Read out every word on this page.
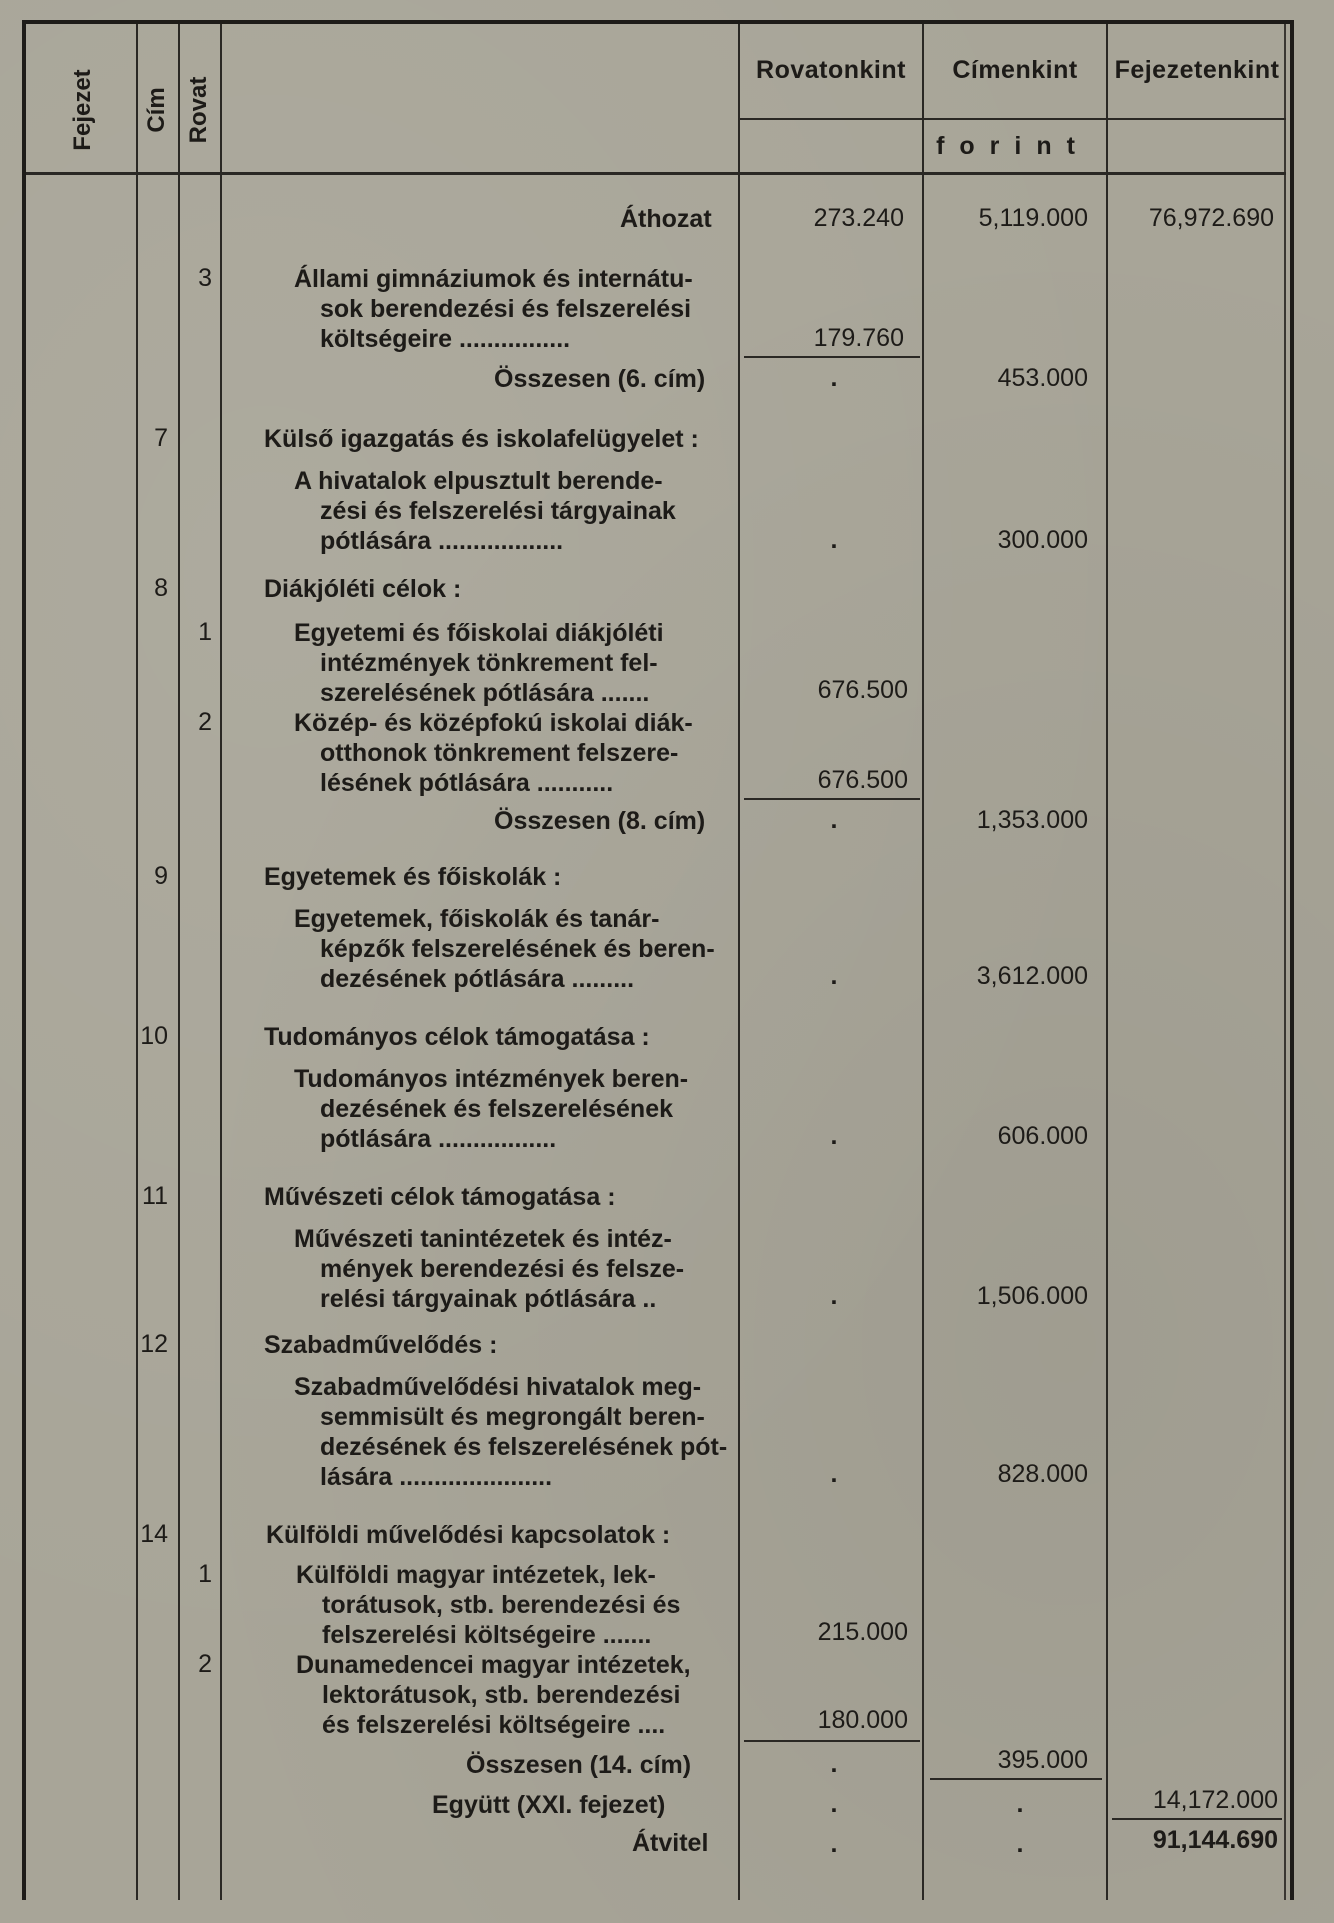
Fejezet Cím Rovat
Rovatonkint	Címenkint	Fejezetenkint
forint
Áthozat	273.240	5,119.000	76,972.690
3	Állami gimnáziumok és internátu-
sok berendezési és felszerelési
költségeire ................	179.760
Összesen (6. cím)	.	453.000
7	Külső igazgatás és iskolafelügyelet :
A hivatalok elpusztult berende-
zési és felszerelési tárgyainak
pótlására ..................	.	300.000
8	Diákjóléti célok :
1	Egyetemi és főiskolai diákjóléti
intézmények tönkrement fel-
szerelésének pótlására .......	676.500
2	Közép- és középfokú iskolai diák-
otthonok tönkrement felszere-
lésének pótlására ...........	676.500
Összesen (8. cím)	.	1,353.000
9	Egyetemek és főiskolák :
Egyetemek, főiskolák és tanár-
képzők felszerelésének és beren-
dezésének pótlására .........	.	3,612.000
10	Tudományos célok támogatása :
Tudományos intézmények beren-
dezésének és felszerelésének
pótlására .................	.	606.000
11	Művészeti célok támogatása :
Művészeti tanintézetek és intéz-
mények berendezési és felsze-
relési tárgyainak pótlására ..	.	1,506.000
12	Szabadművelődés :
Szabadművelődési hivatalok meg-
semmisült és megrongált beren-
dezésének és felszerelésének pót-
lására ......................	.	828.000
14	Külföldi művelődési kapcsolatok :
1	Külföldi magyar intézetek, lek-
torátusok, stb. berendezési és
felszerelési költségeire .......	215.000
2	Dunamedencei magyar intézetek,
lektorátusok, stb. berendezési
és felszerelési költségeire ....	180.000
Összesen (14. cím)	.	395.000
Együtt (XXI. fejezet)	.	.	14,172.000
Átvitel	.	.	91,144.690
